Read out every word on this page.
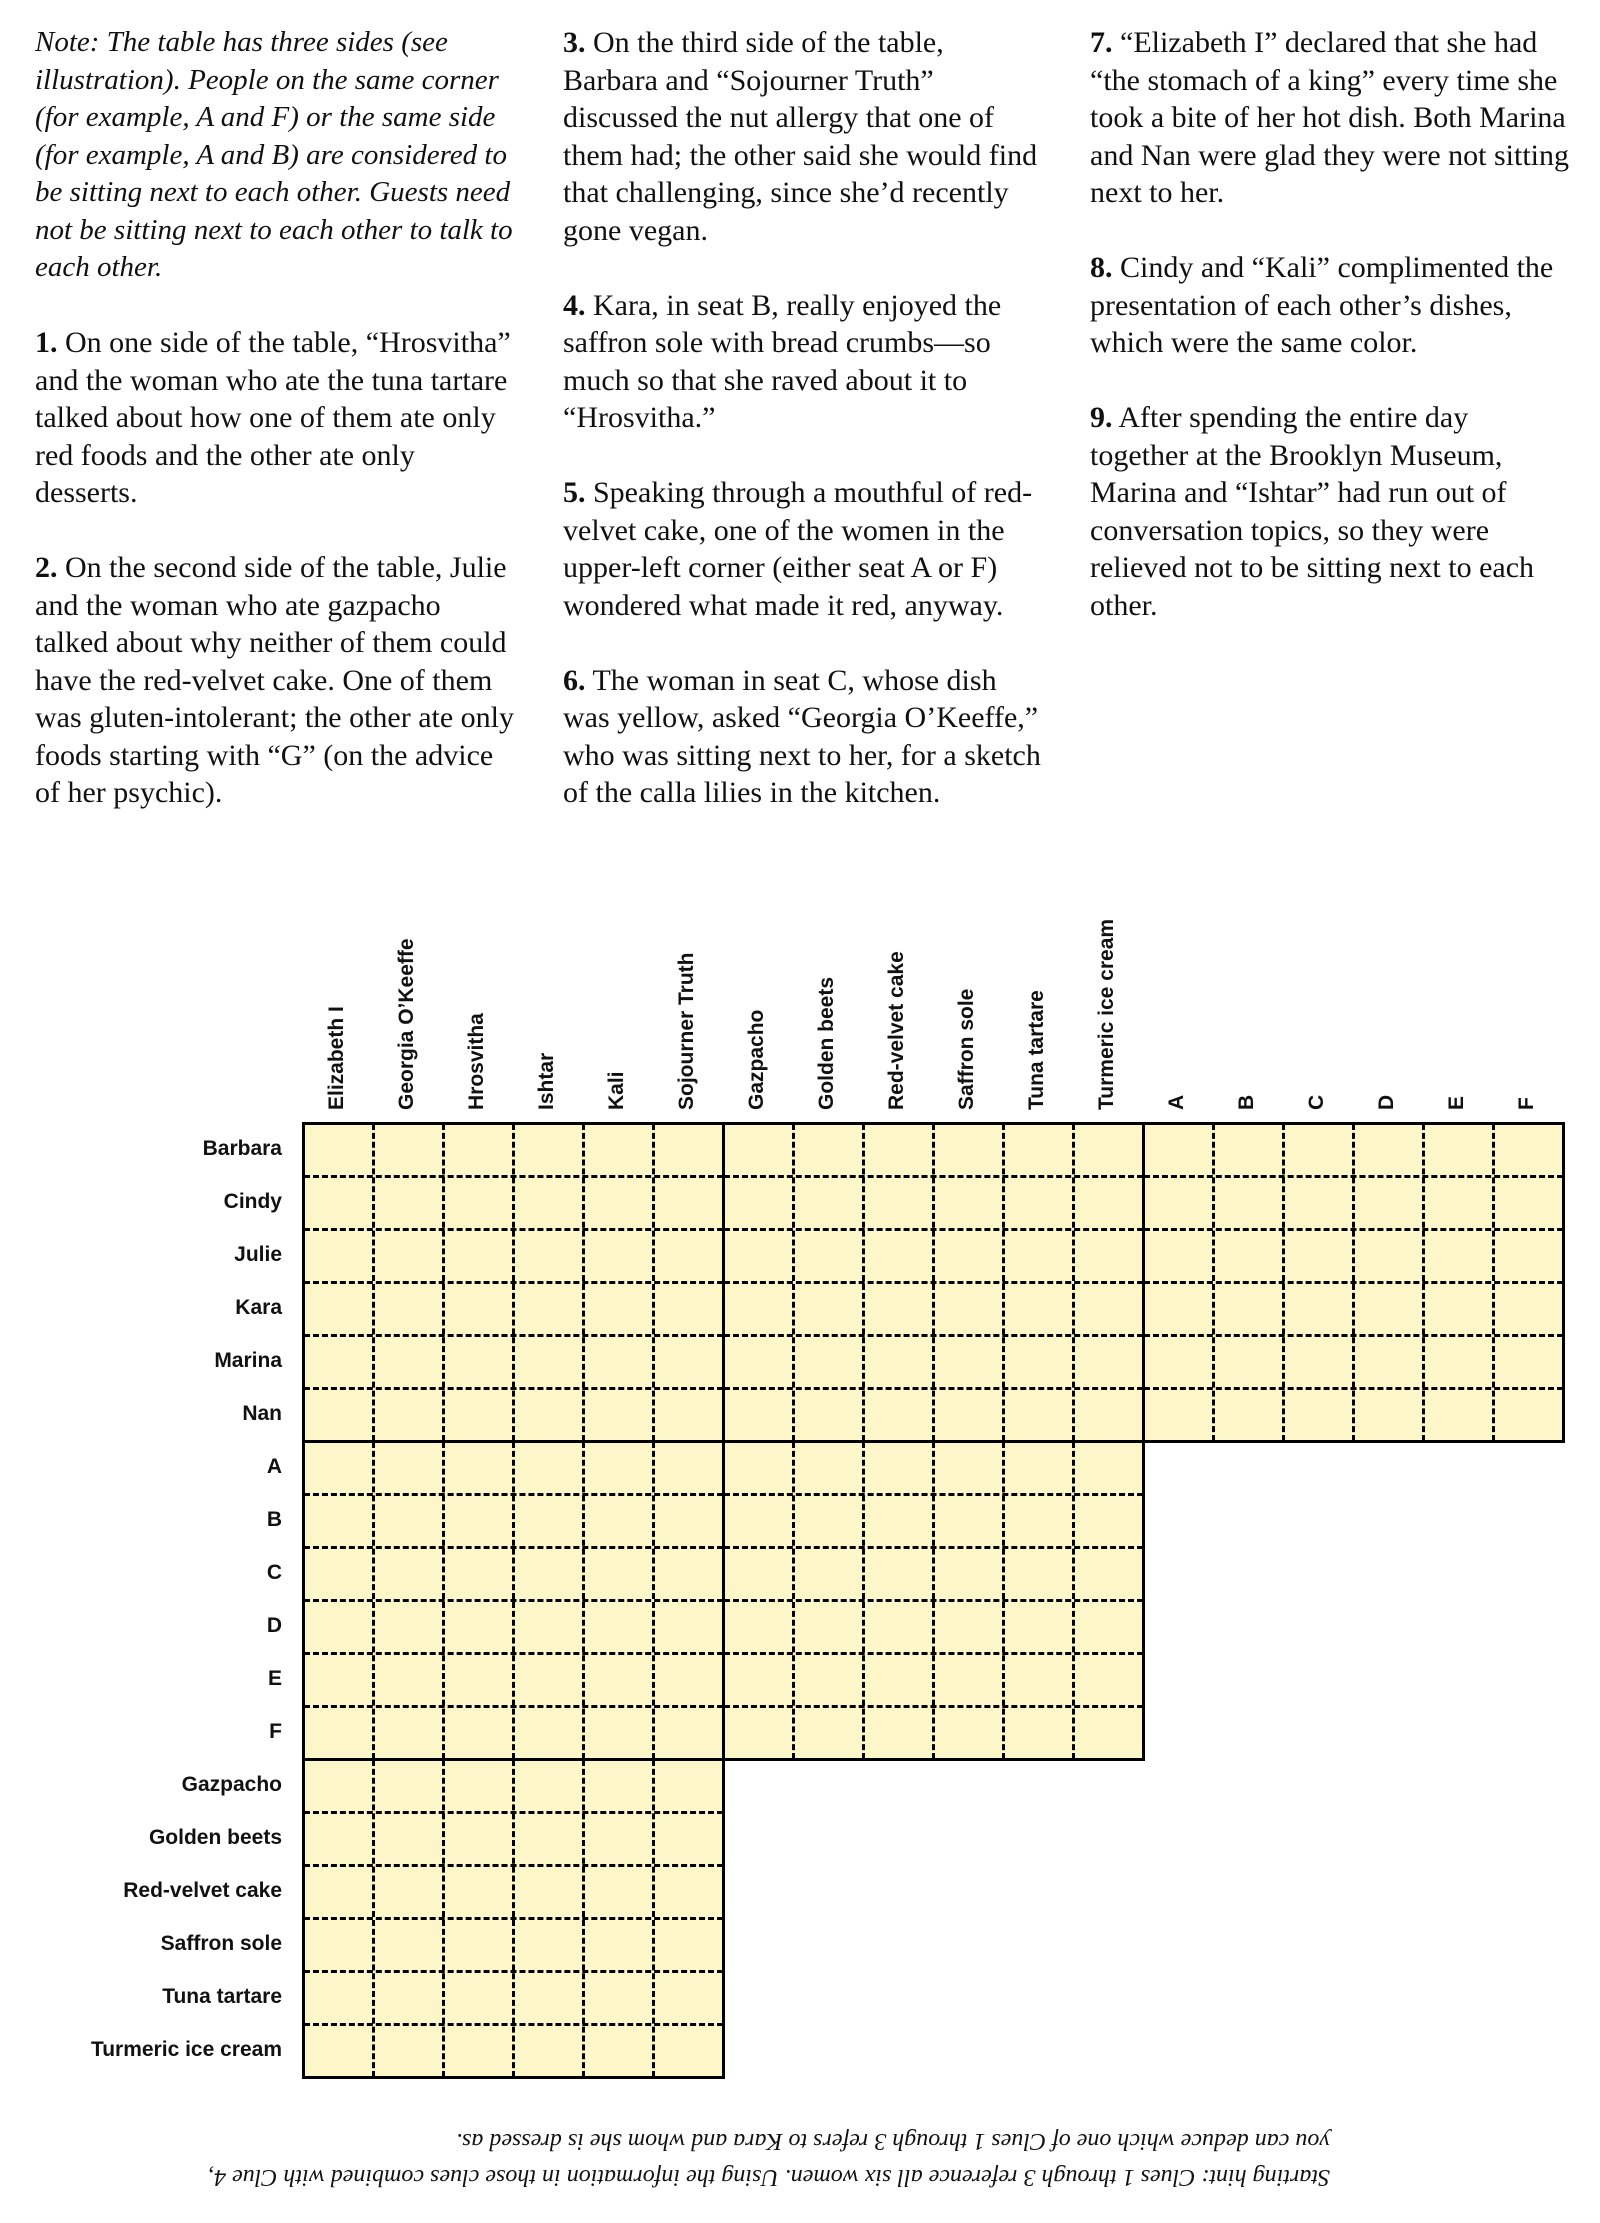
Note: The table has three sides (see illustration). People on the same corner (for example, A and F) or the same side (for example, A and B) are considered to be sitting next to each other. Guests need not be sitting next to each other to talk to each other.

1. On one side of the table, “Hrosvitha” and the woman who ate the tuna tartare talked about how one of them ate only red foods and the other ate only desserts.

2. On the second side of the table, Julie and the woman who ate gazpacho talked about why neither of them could have the red-velvet cake. One of them was gluten-intolerant; the other ate only foods starting with “G” (on the advice of her psychic).

3. On the third side of the table, Barbara and “Sojourner Truth” discussed the nut allergy that one of them had; the other said she would find that challenging, since she’d recently gone vegan.

4. Kara, in seat B, really enjoyed the saffron sole with bread crumbs—so much so that she raved about it to “Hrosvitha.”

5. Speaking through a mouthful of red-velvet cake, one of the women in the upper-left corner (either seat A or F) wondered what made it red, anyway.

6. The woman in seat C, whose dish was yellow, asked “Georgia O’Keeffe,” who was sitting next to her, for a sketch of the calla lilies in the kitchen.

7. “Elizabeth I” declared that she had “the stomach of a king” every time she took a bite of her hot dish. Both Marina and Nan were glad they were not sitting next to her.

8. Cindy and “Kali” complimented the presentation of each other’s dishes, which were the same color.

9. After spending the entire day together at the Brooklyn Museum, Marina and “Ishtar” had run out of conversation topics, so they were relieved not to be sitting next to each other.

Elizabeth I Georgia O’Keeffe Hrosvitha Ishtar Kali Sojourner Truth Gazpacho Golden beets Red-velvet cake Saffron sole Tuna tartare Turmeric ice cream A B C D E F
Barbara
Cindy
Julie
Kara
Marina
Nan
A
B
C
D
E
F
Gazpacho
Golden beets
Red-velvet cake
Saffron sole
Tuna tartare
Turmeric ice cream
Starting hint: Clues 1 through 3 reference all six women. Using the information in those clues combined with Clue 4, you can deduce which one of Clues 1 through 3 refers to Kara and whom she is dressed as.
